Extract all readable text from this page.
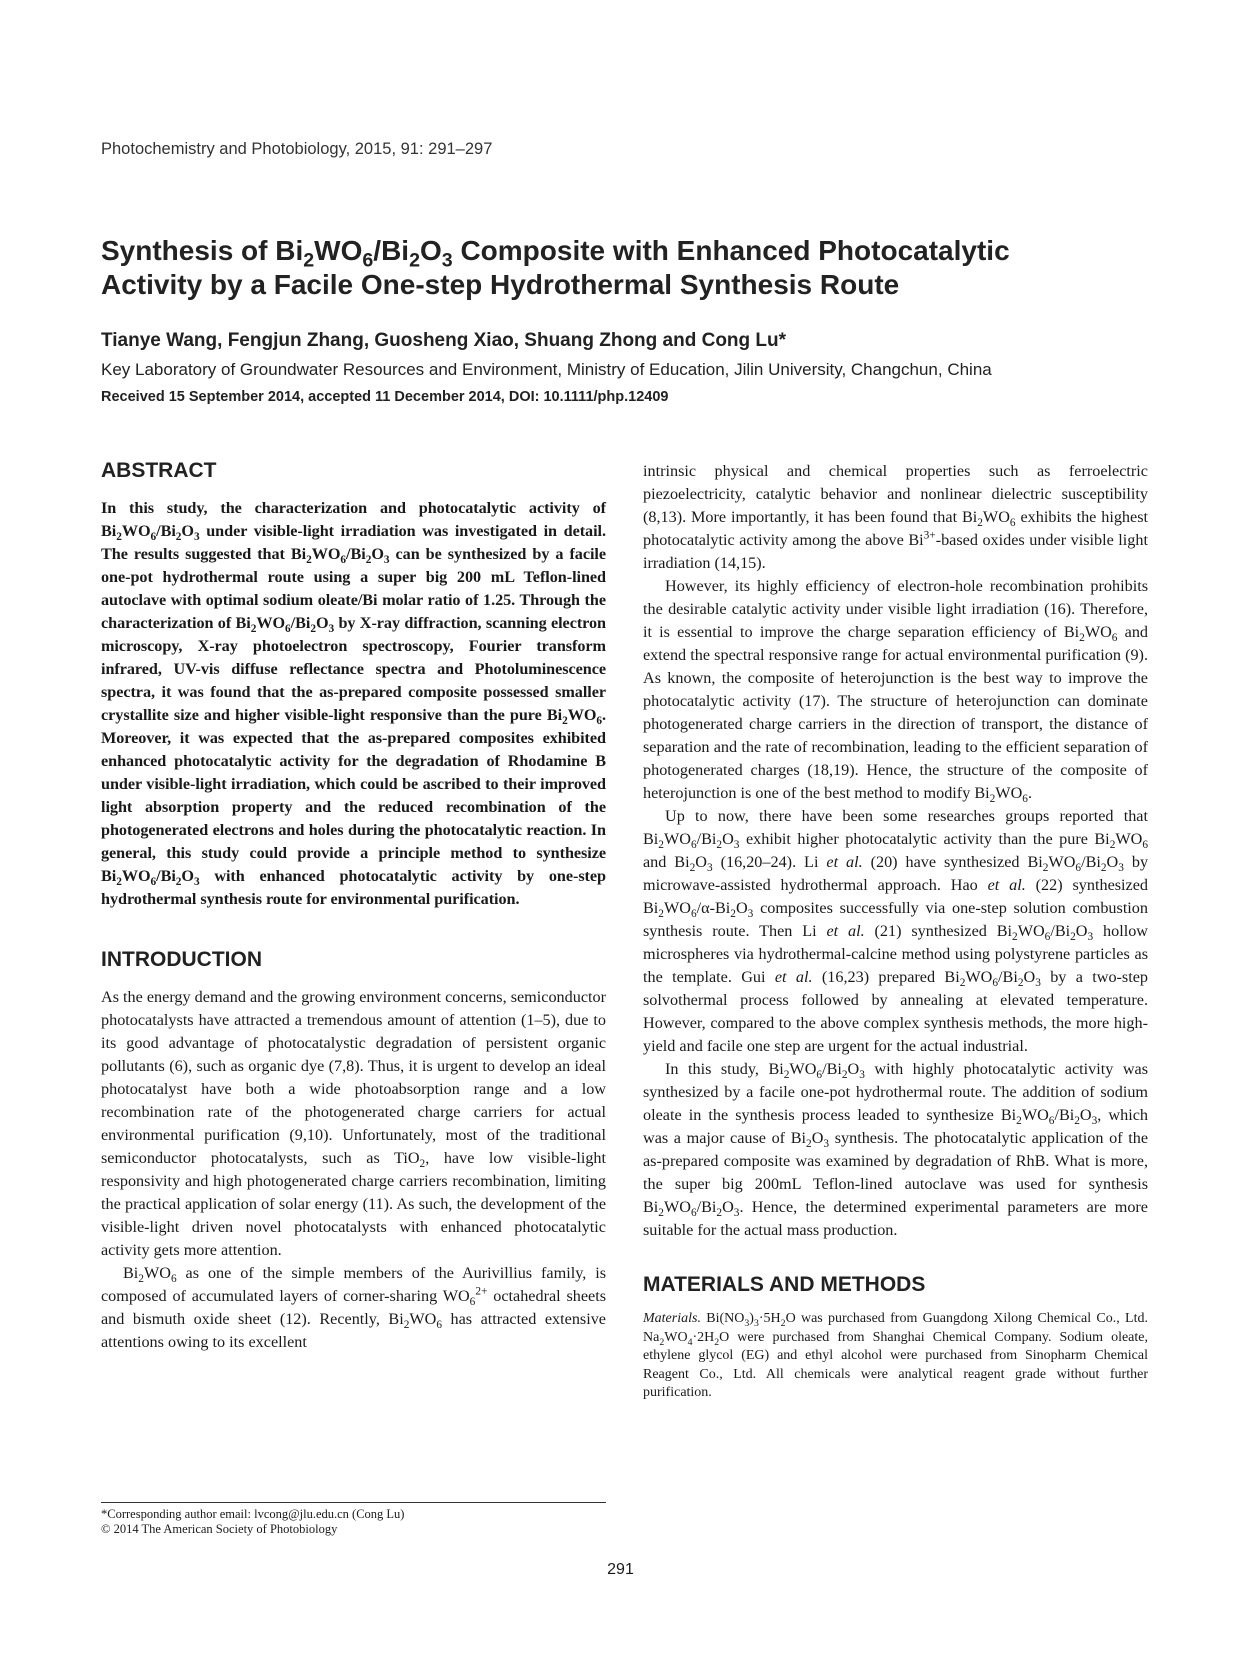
Photochemistry and Photobiology, 2015, 91: 291–297
Synthesis of $Bi_2WO_6/Bi_2O_3$ Composite with Enhanced Photocatalytic
Activity by a Facile One-step Hydrothermal Synthesis Route
Tianye Wang, Fengjun Zhang, Guosheng Xiao, Shuang Zhong and Cong Lu*
Key Laboratory of Groundwater Resources and Environment, Ministry of Education, Jilin University, Changchun, China
Received 15 September 2014, accepted 11 December 2014, DOI: 10.1111/php.12409
ABSTRACT

In this study, the characterization and photocatalytic activity of $Bi_2WO_6/Bi_2O_3$ under visible-light irradiation was investigated in detail. The results suggested that $Bi_2WO_6/Bi_2O_3$ can be synthesized by a facile one-pot hydrothermal route using a super big 200 mL Teflon-lined autoclave with optimal sodium oleate/Bi molar ratio of 1.25. Through the characterization of $Bi_2WO_6/Bi_2O_3$ by X-ray diffraction, scanning electron microscopy, X-ray photoelectron spectroscopy, Fourier transform infrared, UV-vis diffuse reflectance spectra and Photoluminescence spectra, it was found that the as-prepared composite possessed smaller crystallite size and higher visible-light responsive than the pure $Bi_2WO_6$. Moreover, it was expected that the as-prepared composites exhibited enhanced photocatalytic activity for the degradation of Rhodamine B under visible-light irradiation, which could be ascribed to their improved light absorption property and the reduced recombination of the photogenerated electrons and holes during the photocatalytic reaction. In general, this study could provide a principle method to synthesize $Bi_2WO_6/Bi_2O_3$ with enhanced photocatalytic activity by one-step hydrothermal synthesis route for environmental purification.

INTRODUCTION

As the energy demand and the growing environment concerns, semiconductor photocatalysts have attracted a tremendous amount of attention (1–5), due to its good advantage of photocatalystic degradation of persistent organic pollutants (6), such as organic dye (7,8). Thus, it is urgent to develop an ideal photocatalyst have both a wide photoabsorption range and a low recombination rate of the photogenerated charge carriers for actual environmental purification (9,10). Unfortunately, most of the traditional semiconductor photocatalysts, such as TiO$_2$, have low visible-light responsivity and high photogenerated charge carriers recombination, limiting the practical application of solar energy (11). As such, the development of the visible-light driven novel photocatalysts with enhanced photocatalytic activity gets more attention.

$Bi_2WO_6$ as one of the simple members of the Aurivillius family, is composed of accumulated layers of corner-sharing $WO_6^{2+}$ octahedral sheets and bismuth oxide sheet (12). Recently, $Bi_2WO_6$ has attracted extensive attentions owing to its excellent

intrinsic physical and chemical properties such as ferroelectric piezoelectricity, catalytic behavior and nonlinear dielectric susceptibility (8,13). More importantly, it has been found that $Bi_2WO_6$ exhibits the highest photocatalytic activity among the above $Bi^{3+}$-based oxides under visible light irradiation (14,15).

However, its highly efficiency of electron-hole recombination prohibits the desirable catalytic activity under visible light irradiation (16). Therefore, it is essential to improve the charge separation efficiency of $Bi_2WO_6$ and extend the spectral responsive range for actual environmental purification (9). As known, the composite of heterojunction is the best way to improve the photocatalytic activity (17). The structure of heterojunction can dominate photogenerated charge carriers in the direction of transport, the distance of separation and the rate of recombination, leading to the efficient separation of photogenerated charges (18,19). Hence, the structure of the composite of heterojunction is one of the best method to modify $Bi_2WO_6$.

Up to now, there have been some researches groups reported that $Bi_2WO_6/Bi_2O_3$ exhibit higher photocatalytic activity than the pure $Bi_2WO_6$ and $Bi_2O_3$ (16,20–24). Li et al. (20) have synthesized $Bi_2WO_6/Bi_2O_3$ by microwave-assisted hydrothermal approach. Hao et al. (22) synthesized $Bi_2WO_6/\alpha-Bi_2O_3$ composites successfully via one-step solution combustion synthesis route. Then Li et al. (21) synthesized $Bi_2WO_6/Bi_2O_3$ hollow microspheres via hydrothermal-calcine method using polystyrene particles as the template. Gui et al. (16,23) prepared $Bi_2WO_6/Bi_2O_3$ by a two-step solvothermal process followed by annealing at elevated temperature. However, compared to the above complex synthesis methods, the more high-yield and facile one step are urgent for the actual industrial.

In this study, $Bi_2WO_6/Bi_2O_3$ with highly photocatalytic activity was synthesized by a facile one-pot hydrothermal route. The addition of sodium oleate in the synthesis process leaded to synthesize $Bi_2WO_6/Bi_2O_3$, which was a major cause of $Bi_2O_3$ synthesis. The photocatalytic application of the as-prepared composite was examined by degradation of RhB. What is more, the super big 200mL Teflon-lined autoclave was used for synthesis $Bi_2WO_6/Bi_2O_3$. Hence, the determined experimental parameters are more suitable for the actual mass production.

MATERIALS AND METHODS

Materials. $Bi(NO_3)_3\cdot 5H_2O$ was purchased from Guangdong Xilong Chemical Co., Ltd. $Na_2WO_4\cdot 2H_2O$ were purchased from Shanghai Chemical Company. Sodium oleate, ethylene glycol (EG) and ethyl alcohol were purchased from Sinopharm Chemical Reagent Co., Ltd. All chemicals were analytical reagent grade without further purification.

*Corresponding author email: lvcong@jlu.edu.cn (Cong Lu)
© 2014 The American Society of Photobiology
291
